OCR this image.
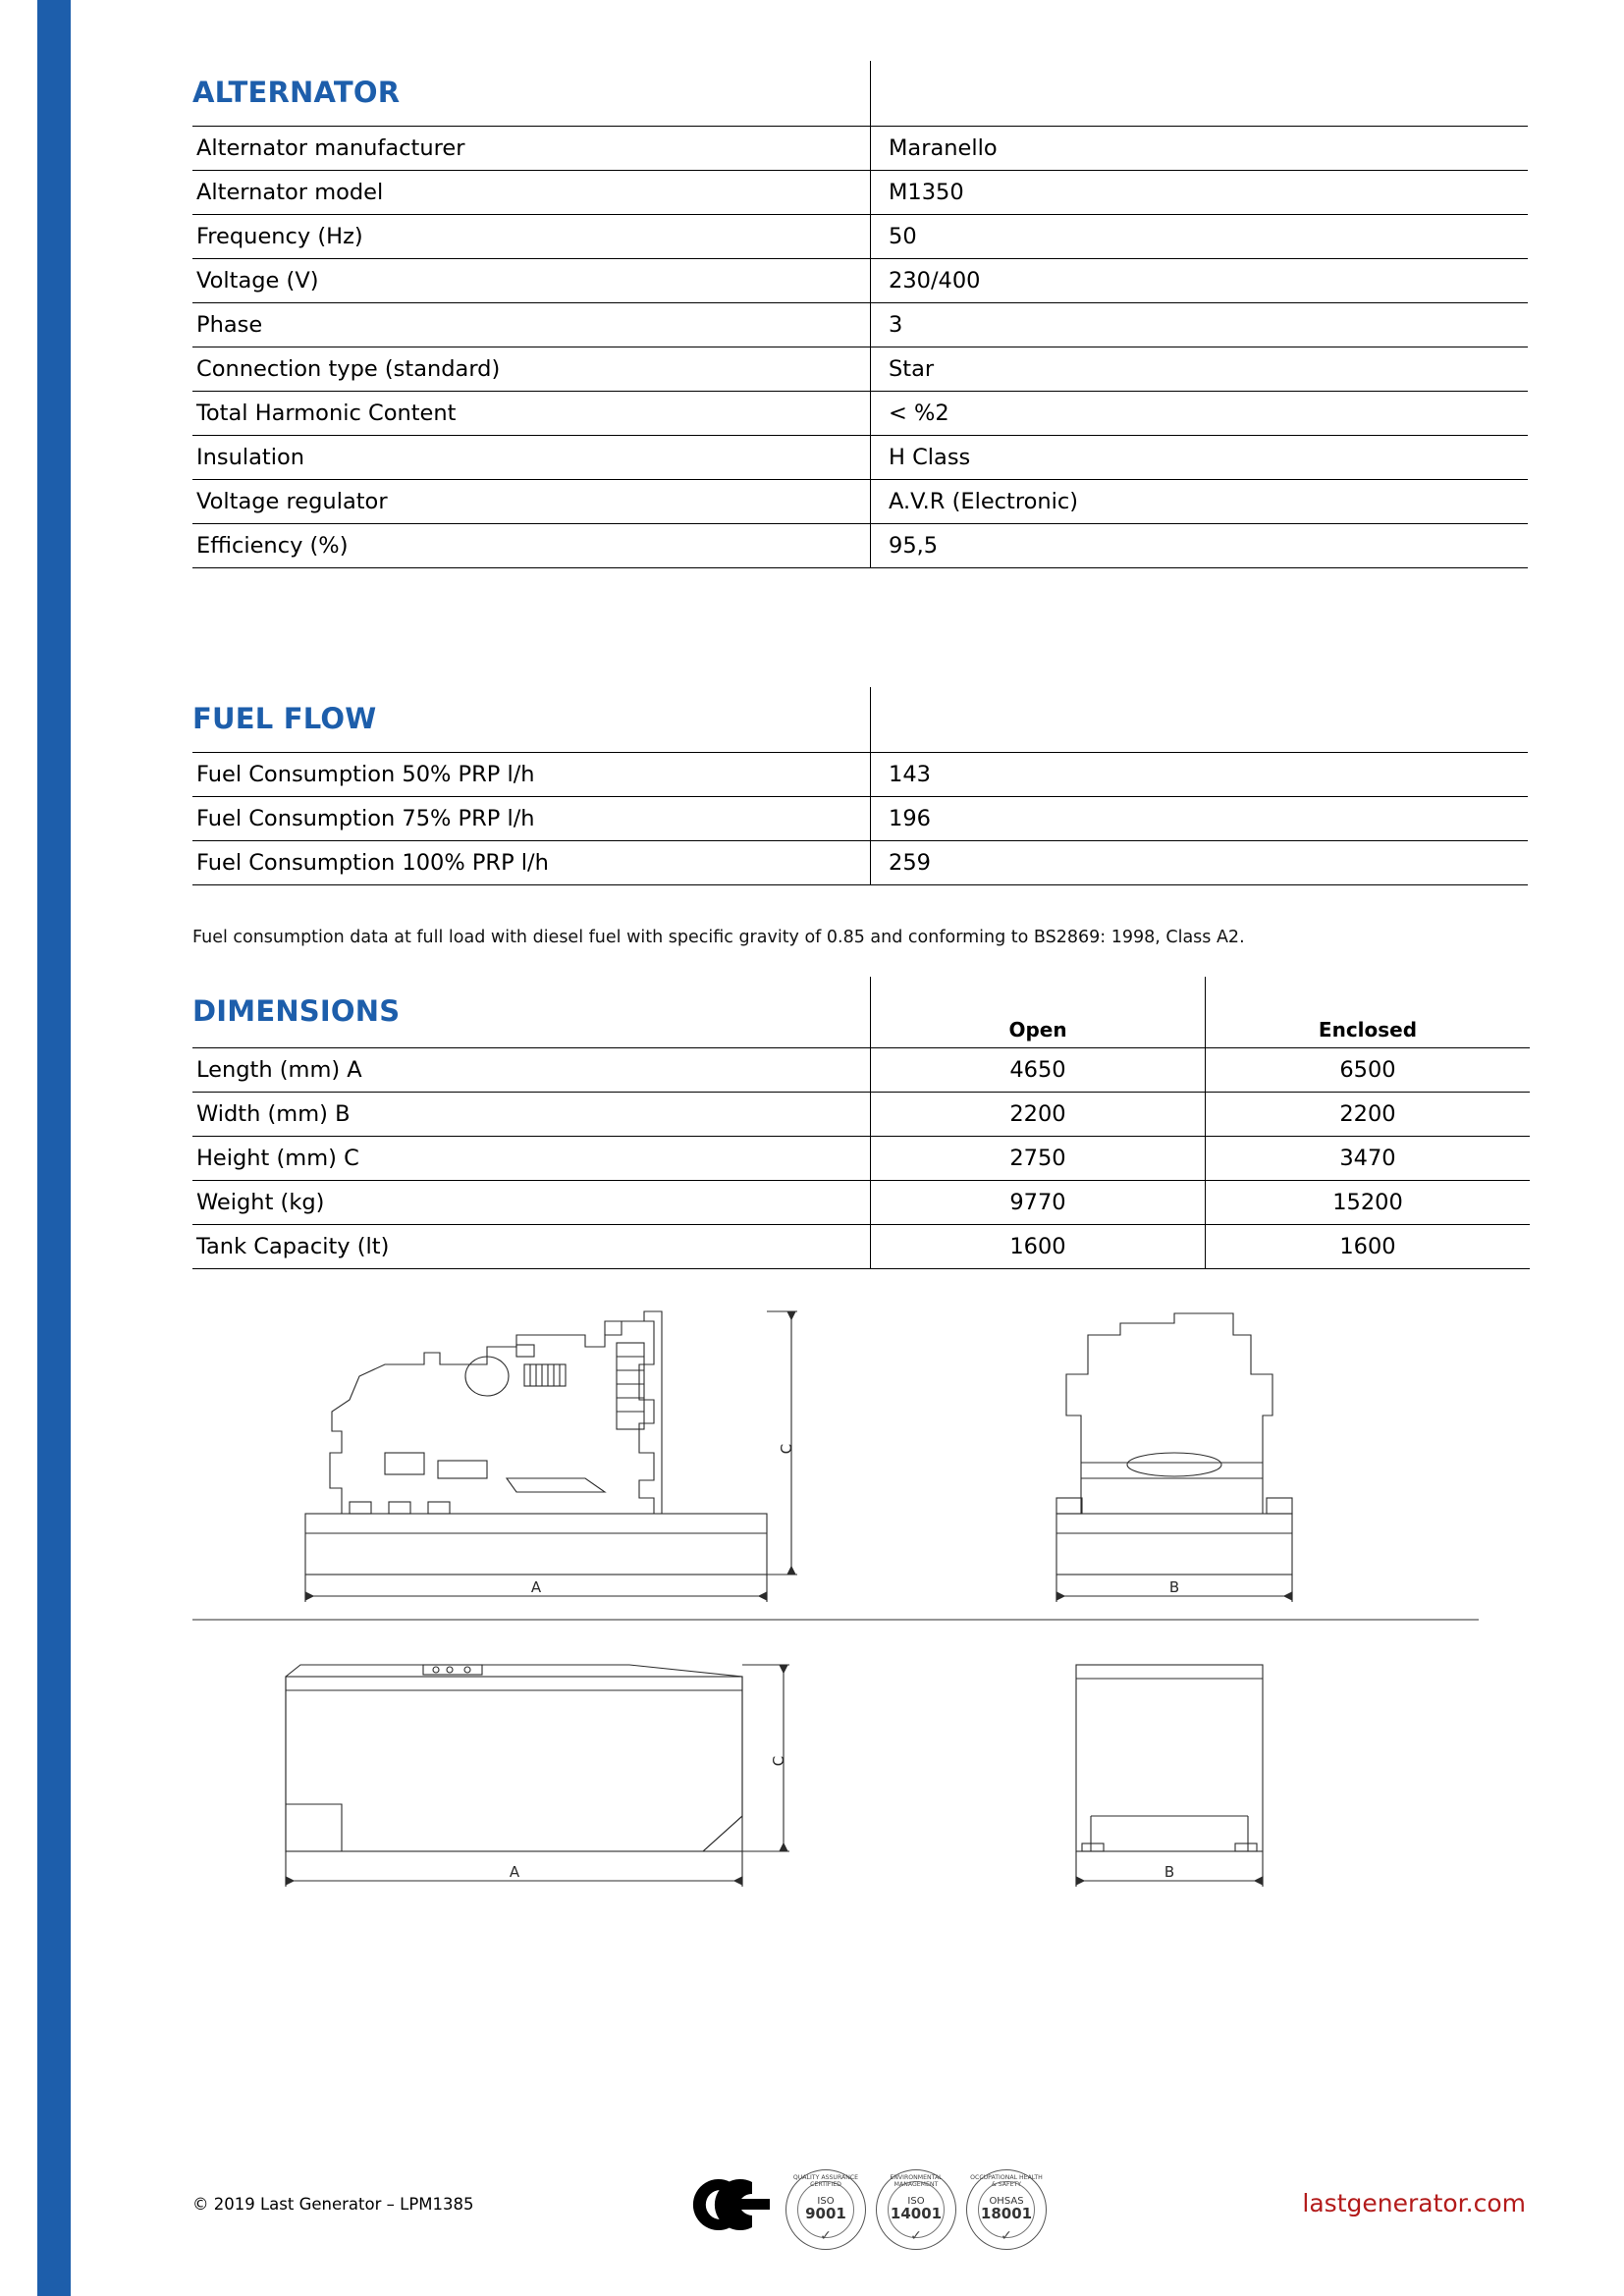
ALTERNATOR

Alternator manufacturer	Maranello
Alternator model	M1350
Frequency (Hz)	50
Voltage (V)	230/400
Phase	3
Connection type (standard)	Star
Total Harmonic Content	< %2
Insulation	H Class
Voltage regulator	A.V.R (Electronic)
Efficiency (%)	95,5
FUEL FLOW

Fuel Consumption 50% PRP l/h	143
Fuel Consumption 75% PRP l/h	196
Fuel Consumption 100% PRP l/h	259
Fuel consumption data at full load with diesel fuel with specific gravity of 0.85 and conforming to BS2869: 1998, Class A2.
DIMENSIONS
	Open	Enclosed
Length (mm) A	4650	6500
Width (mm) B	2200	2200
Height (mm) C	2750	3470
Weight (kg)	9770	15200
Tank Capacity (lt)	1600	1600
A
C
B
A
C
B
© 2019 Last Generator – LPM1385
QUALITY ASSURANCE CERTIFIED
ISO
9001
✓
ENVIRONMENTAL MANAGEMENT
ISO
14001
✓
OCCUPATIONAL HEALTH & SAFETY
OHSAS
18001
✓
lastgenerator.com
